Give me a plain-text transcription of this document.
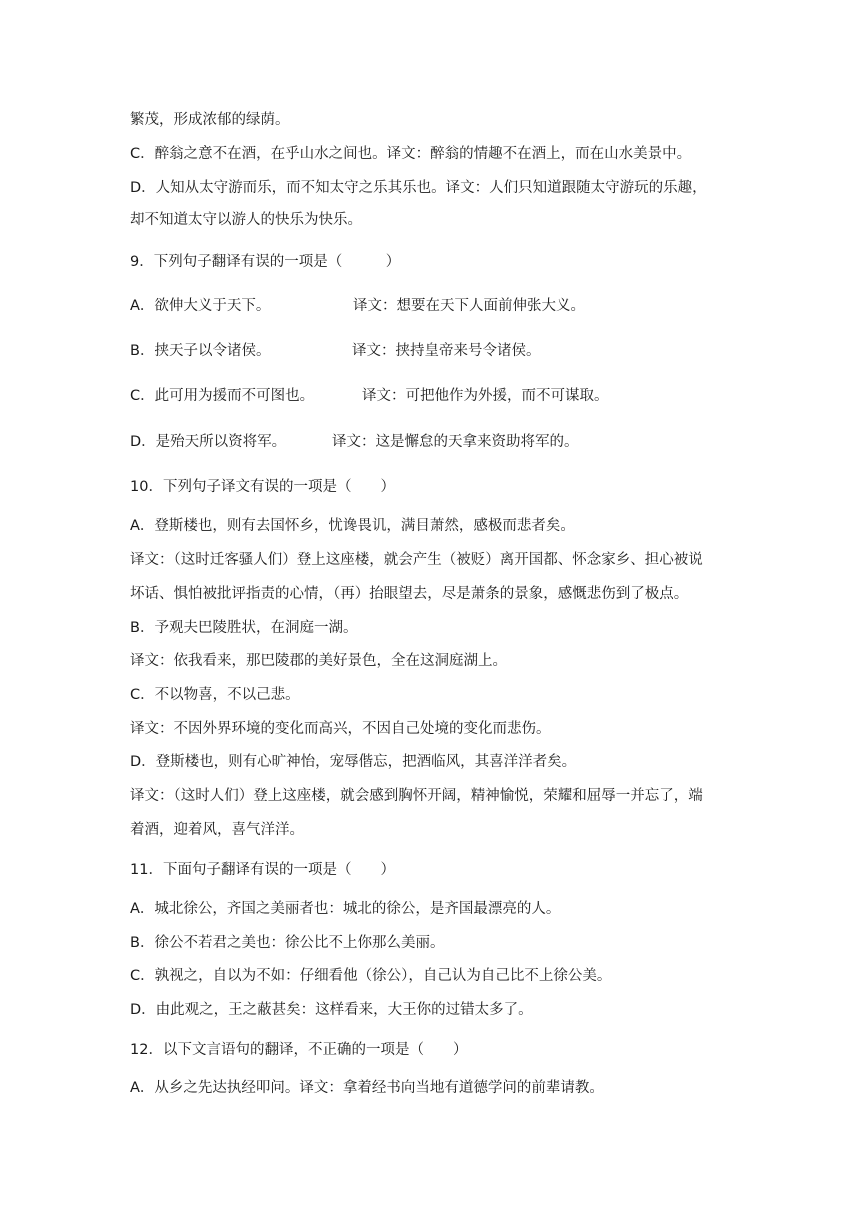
繁茂，形成浓郁的绿荫。

C．醉翁之意不在酒，在乎山水之间也。译文：醉翁的情趣不在酒上，而在山水美景中。

D．人知从太守游而乐，而不知太守之乐其乐也。译文：人们只知道跟随太守游玩的乐趣，

却不知道太守以游人的快乐为快乐。

9．下列句子翻译有误的一项是（　　　）

A．欲伸大义于天下。	译文：想要在天下人面前伸张大义。

B．挟天子以令诸侯。	译文：挟持皇帝来号令诸侯。

C．此可用为援而不可图也。	译文：可把他作为外援，而不可谋取。

D．是殆天所以资将军。	译文：这是懈怠的天拿来资助将军的。

10．下列句子译文有误的一项是（　　）

A．登斯楼也，则有去国怀乡，忧谗畏讥，满目萧然，感极而悲者矣。

译文：（这时迁客骚人们）登上这座楼，就会产生（被贬）离开国都、怀念家乡、担心被说

坏话、惧怕被批评指责的心情，（再）抬眼望去，尽是萧条的景象，感慨悲伤到了极点。

B．予观夫巴陵胜状，在洞庭一湖。

译文：依我看来，那巴陵郡的美好景色，全在这洞庭湖上。

C．不以物喜，不以己悲。

译文：不因外界环境的变化而高兴，不因自己处境的变化而悲伤。

D．登斯楼也，则有心旷神怡，宠辱偕忘，把酒临风，其喜洋洋者矣。

译文：（这时人们）登上这座楼，就会感到胸怀开阔，精神愉悦，荣耀和屈辱一并忘了，端

着酒，迎着风，喜气洋洋。

11．下面句子翻译有误的一项是（　　）

A．城北徐公，齐国之美丽者也：城北的徐公，是齐国最漂亮的人。

B．徐公不若君之美也：徐公比不上你那么美丽。

C．孰视之，自以为不如：仔细看他（徐公），自己认为自己比不上徐公美。

D．由此观之，王之蔽甚矣：这样看来，大王你的过错太多了。

12．以下文言语句的翻译，不正确的一项是（　　）

A．从乡之先达执经叩问。译文：拿着经书向当地有道德学问的前辈请教。
